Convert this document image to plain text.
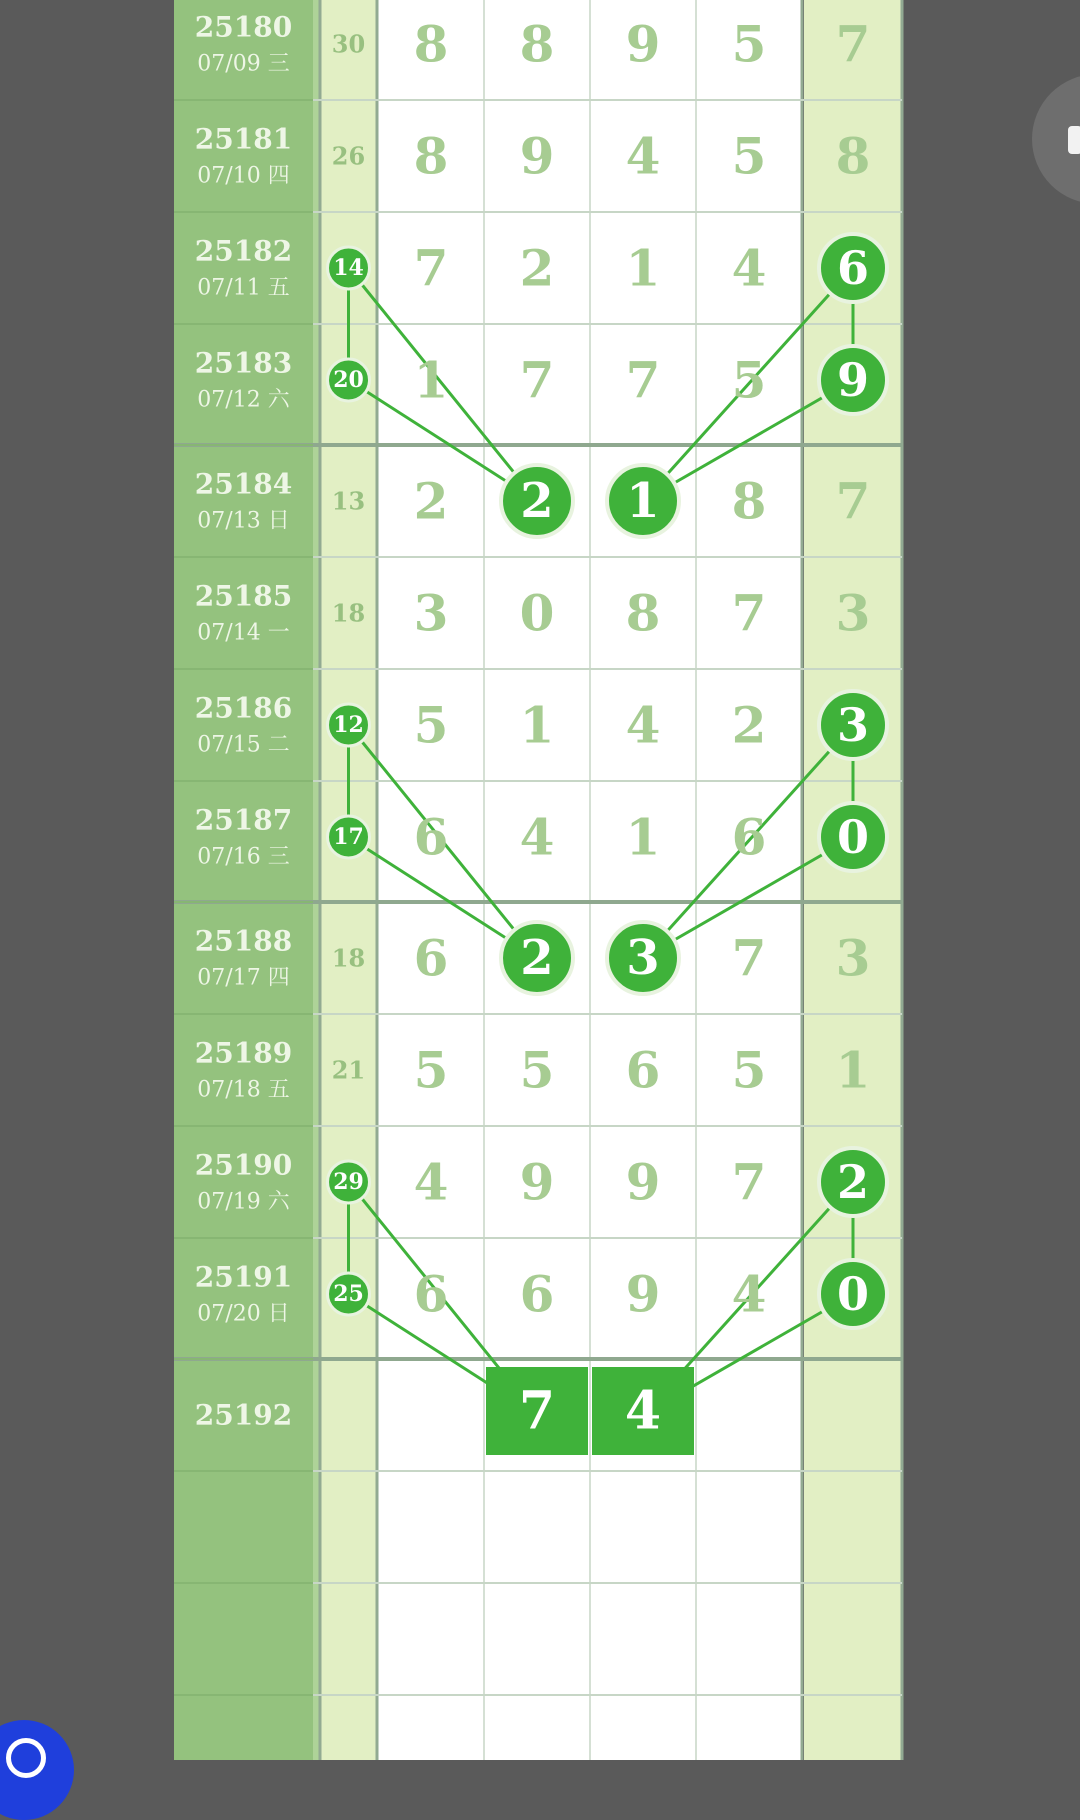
25180
07/09 三
30 8 8 9 5 7
25181
07/10 四
26 8 9 4 5 8
25182
07/11 五
14 7 2 1 4 6
25183
07/12 六
20 1 7 7 5 9
25184
07/13 日
13 2 2 1 8 7
25185
07/14 一
18 3 0 8 7 3
25186
07/15 二
12 5 1 4 2 3
25187
07/16 三
17 6 4 1 6 0
25188
07/17 四
18 6 2 3 7 3
25189
07/18 五
21 5 5 6 5 1
25190
07/19 六
29 4 9 9 7 2
25191
07/20 日
25 6 6 9 4 0
25192	7 4
